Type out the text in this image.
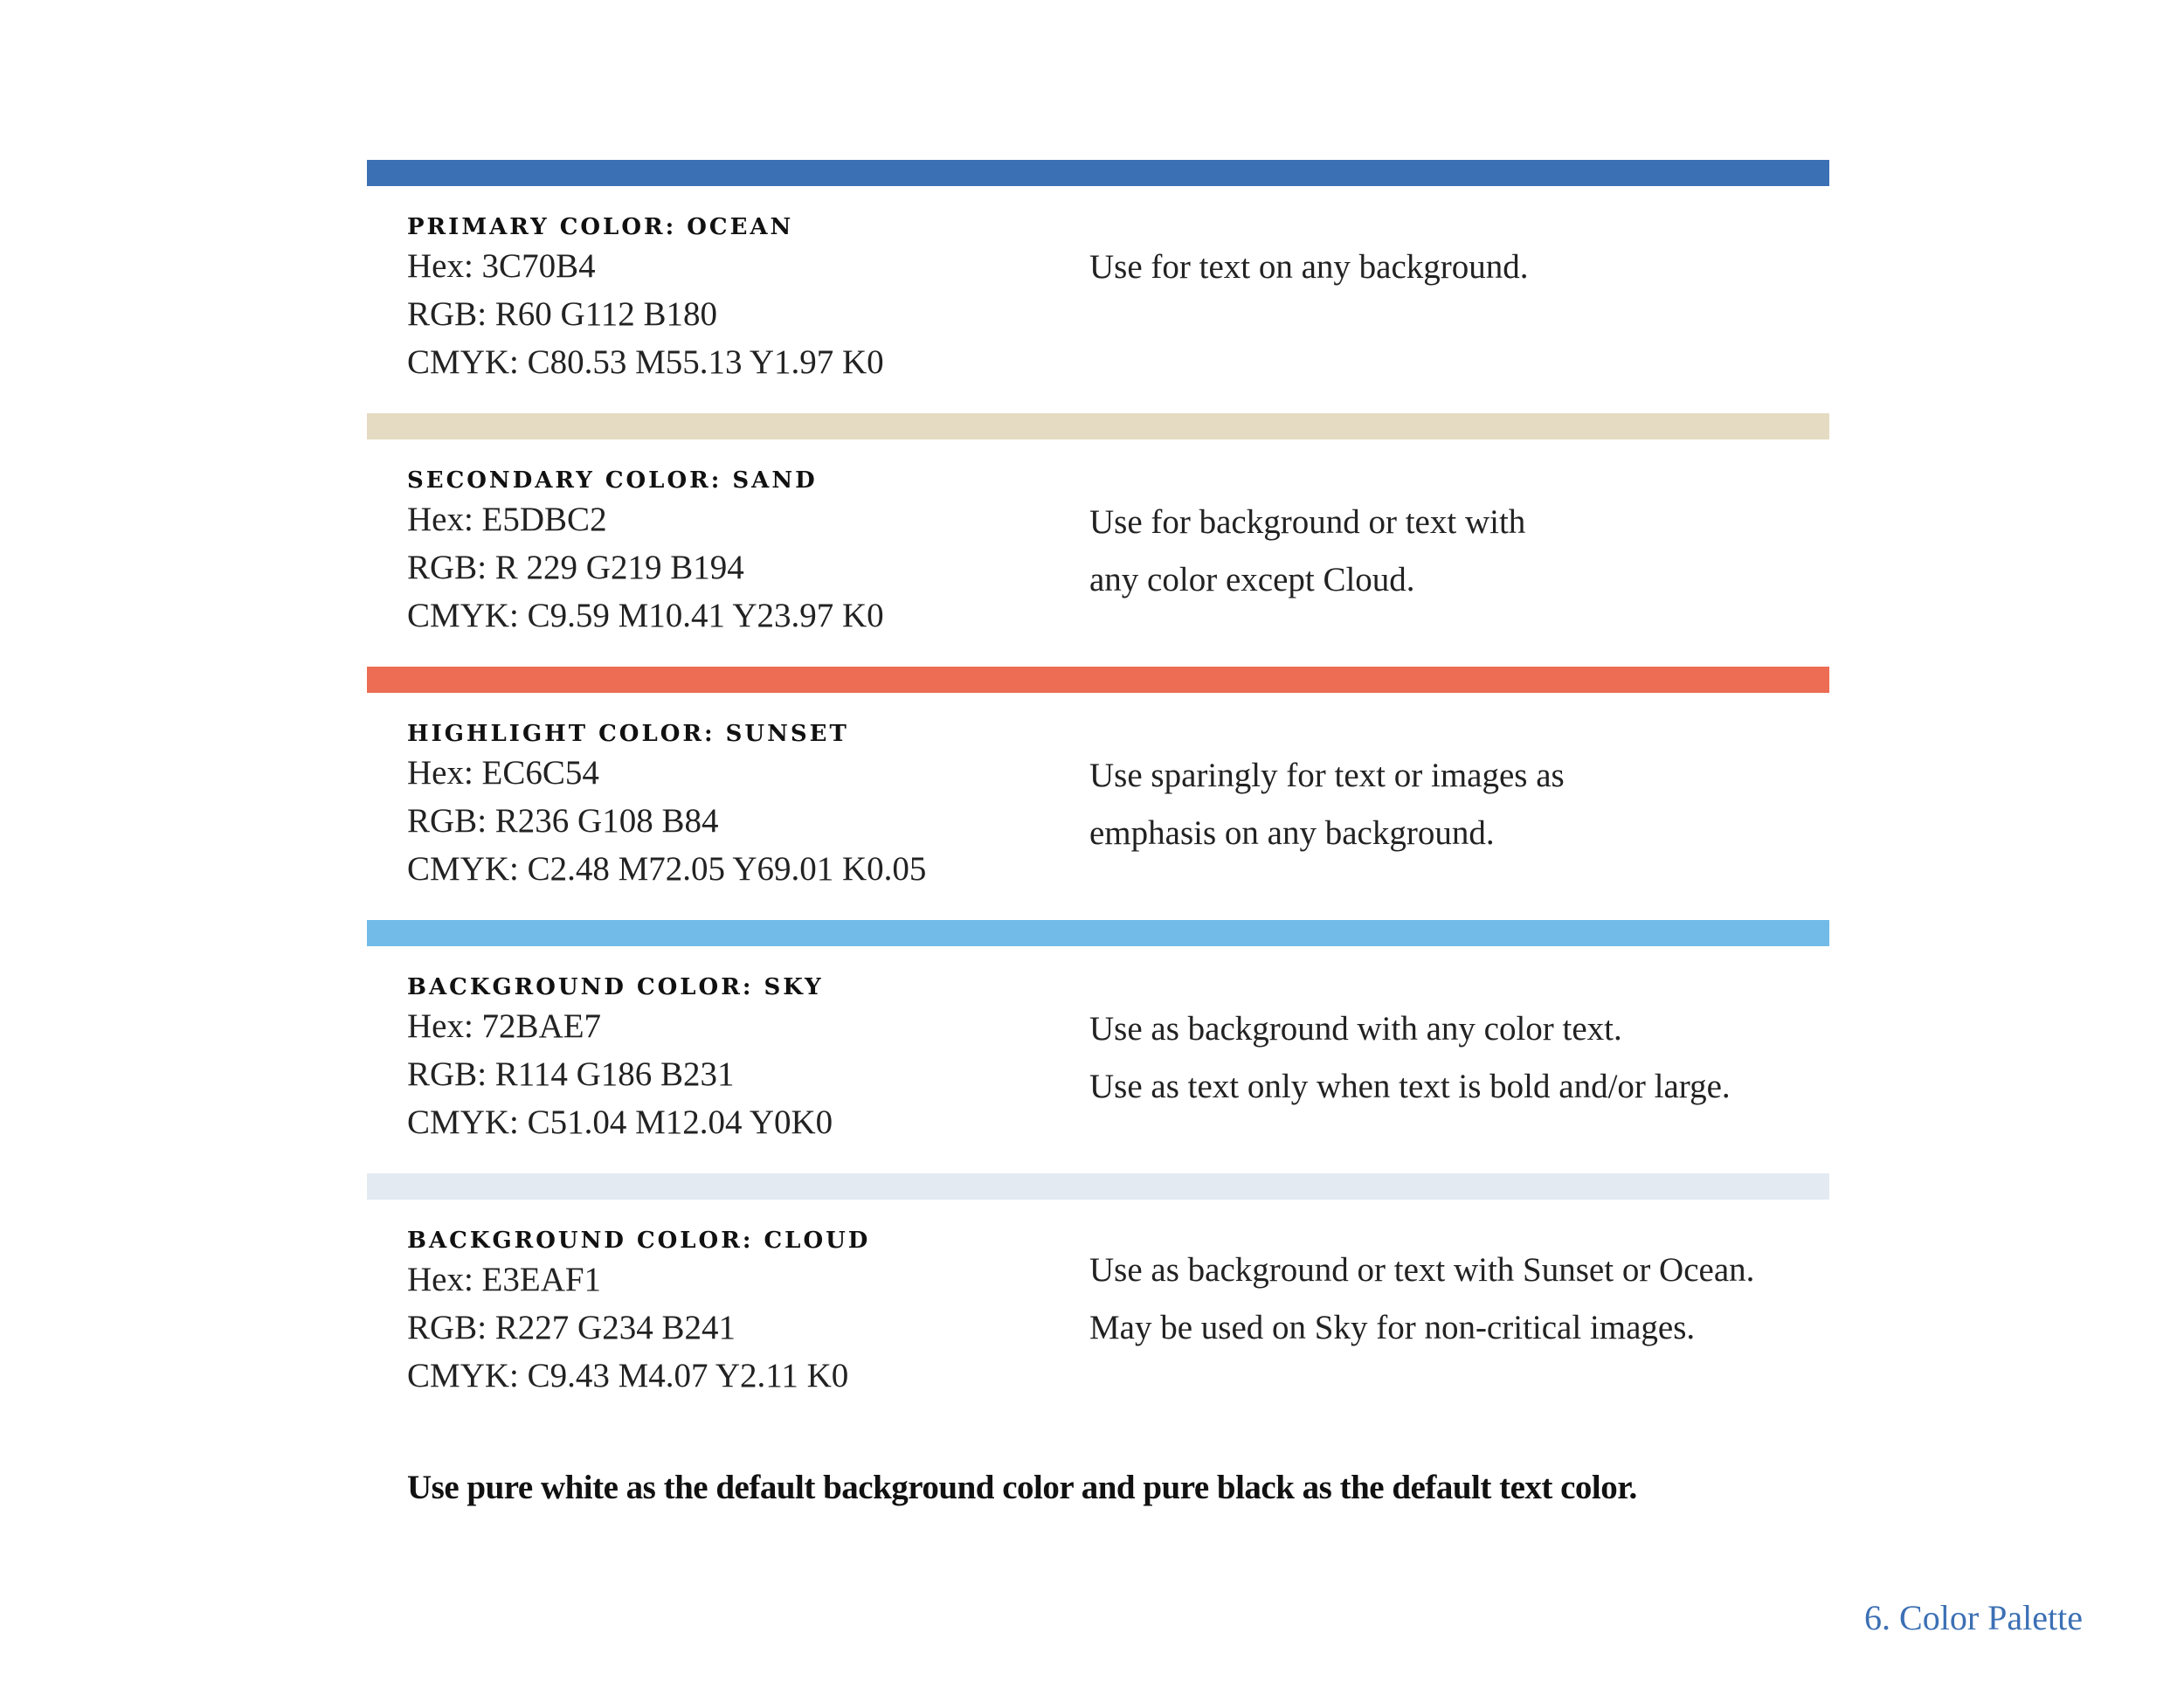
PRIMARY COLOR: OCEAN
Hex: 3C70B4
RGB: R60 G112 B180
CMYK: C80.53 M55.13 Y1.97 K0
Use for text on any background.
SECONDARY COLOR: SAND
Hex: E5DBC2
RGB: R 229 G219 B194
CMYK: C9.59 M10.41 Y23.97 K0
Use for background or text with
any color except Cloud.
HIGHLIGHT COLOR: SUNSET
Hex: EC6C54
RGB: R236 G108 B84
CMYK: C2.48 M72.05 Y69.01 K0.05
Use sparingly for text or images as
emphasis on any background.
BACKGROUND COLOR: SKY
Hex: 72BAE7
RGB: R114 G186 B231
CMYK: C51.04 M12.04 Y0K0
Use as background with any color text.
Use as text only when text is bold and/or large.
BACKGROUND COLOR: CLOUD
Hex: E3EAF1
RGB: R227 G234 B241
CMYK: C9.43 M4.07 Y2.11 K0
Use as background or text with Sunset or Ocean.
May be used on Sky for non-critical images.
Use pure white as the default background color and pure black as the default text color.
6. Color Palette
